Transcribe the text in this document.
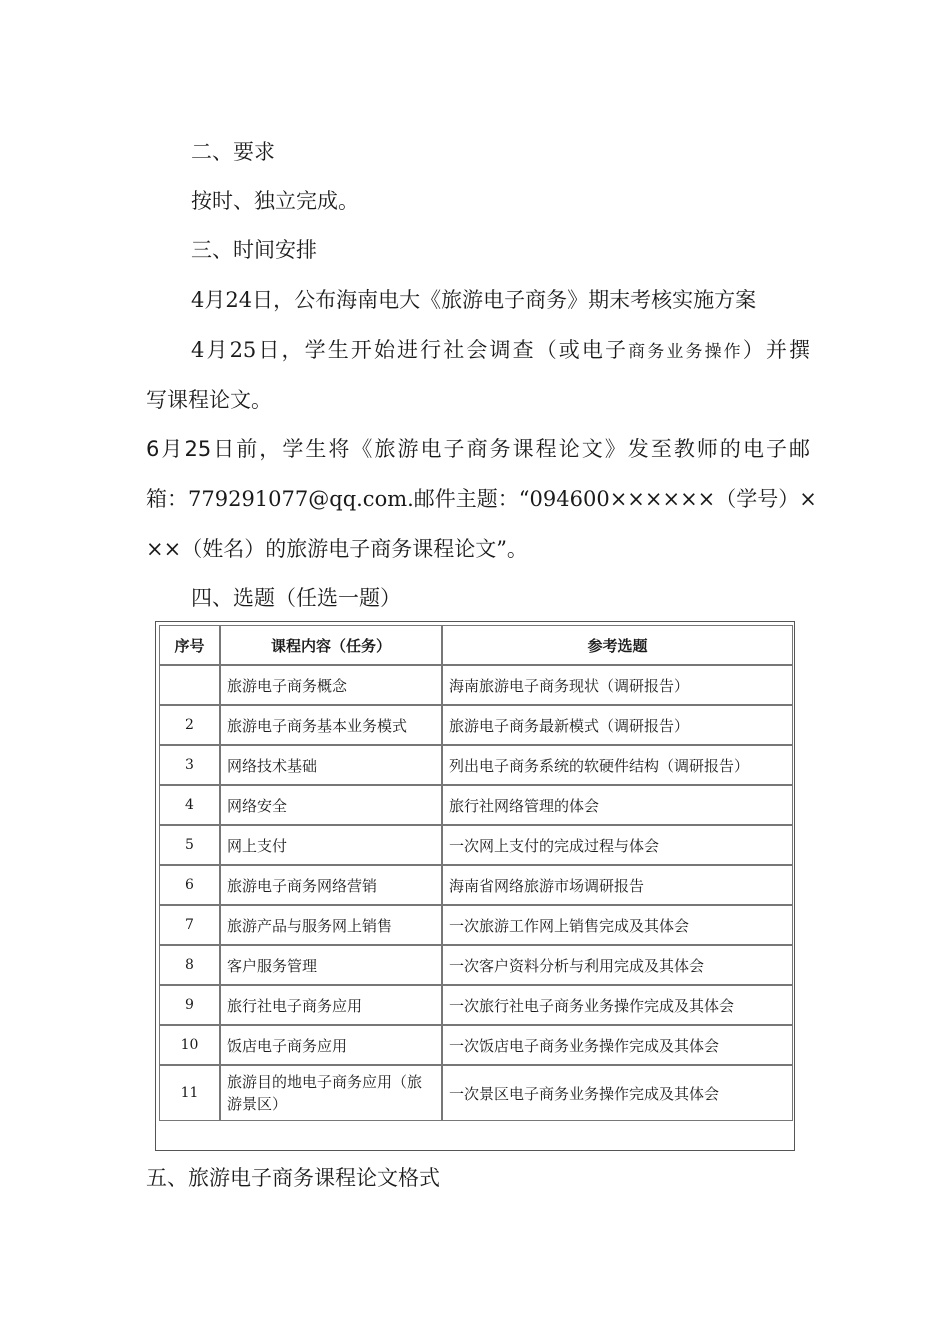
二、要求
按时、独立完成。
三、时间安排
4月24日，公布海南电大《旅游电子商务》期末考核实施方案
4月25日，学生开始进行社会调查（或电子商务业务操作）并撰
写课程论文。
6月25日前，学生将《旅游电子商务课程论文》发至教师的电子邮
箱：779291077@qq.com.邮件主题：“094600××××××（学号）×
××（姓名）的旅游电子商务课程论文”。
四、选题（任选一题）
序号	课程内容（任务）	参考选题
	旅游电子商务概念	海南旅游电子商务现状（调研报告）
2	旅游电子商务基本业务模式	旅游电子商务最新模式（调研报告）
3	网络技术基础	列出电子商务系统的软硬件结构（调研报告）
4	网络安全	旅行社网络管理的体会
5	网上支付	一次网上支付的完成过程与体会
6	旅游电子商务网络营销	海南省网络旅游市场调研报告
7	旅游产品与服务网上销售	一次旅游工作网上销售完成及其体会
8	客户服务管理	一次客户资料分析与利用完成及其体会
9	旅行社电子商务应用	一次旅行社电子商务业务操作完成及其体会
10	饭店电子商务应用	一次饭店电子商务业务操作完成及其体会
11	旅游目的地电子商务应用（旅游景区）	一次景区电子商务业务操作完成及其体会
五、旅游电子商务课程论文格式
